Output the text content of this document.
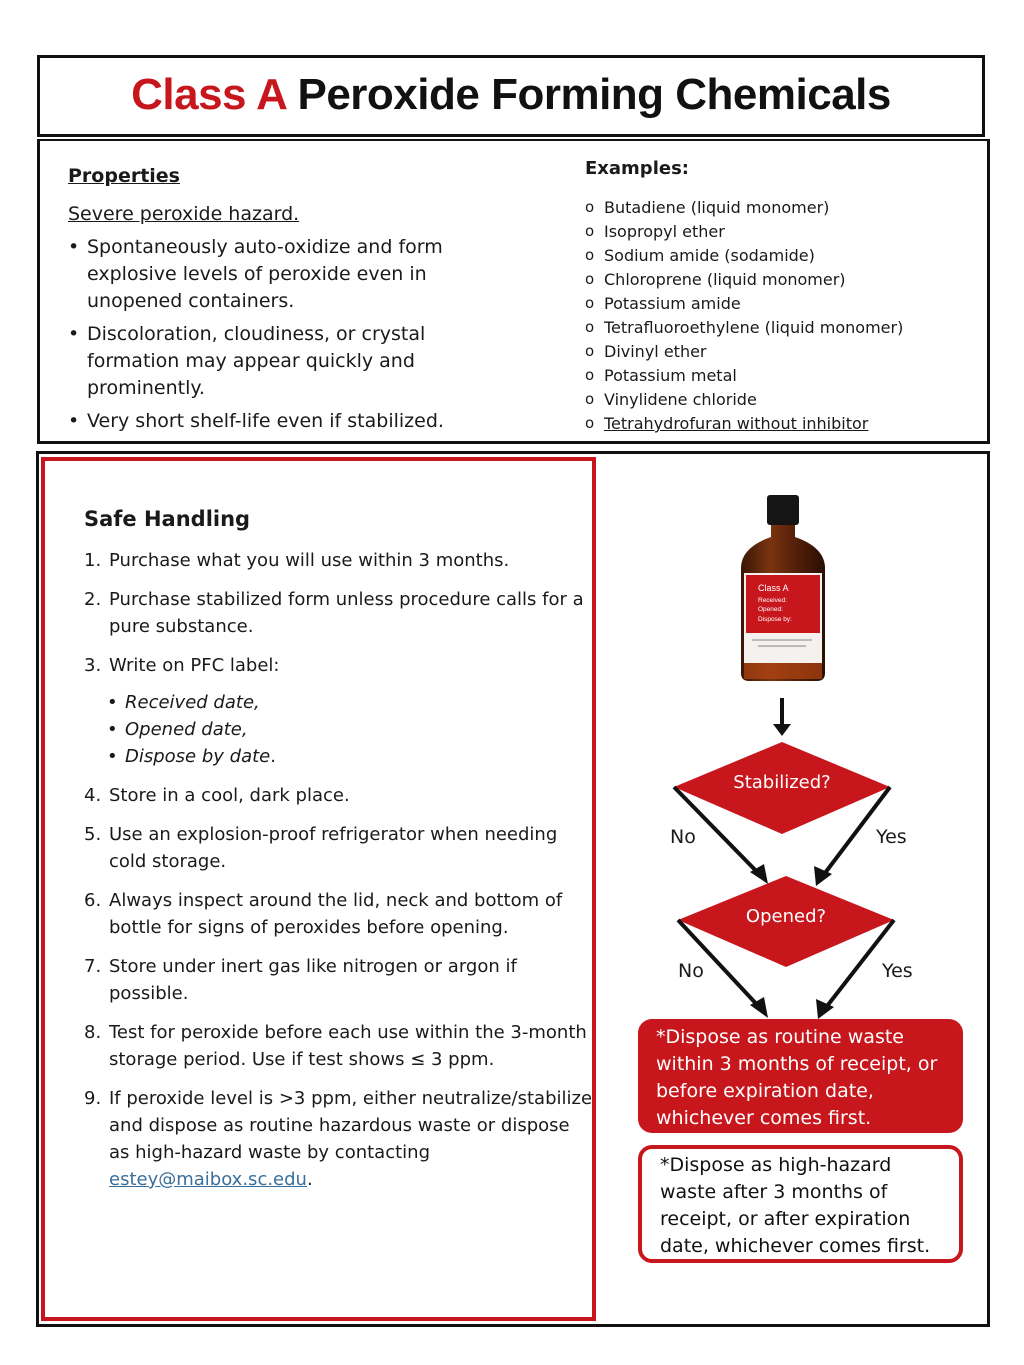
Class A Peroxide Forming Chemicals
Properties
Severe peroxide hazard.
• Spontaneously auto-oxidize and form explosive levels of peroxide even in unopened containers.
• Discoloration, cloudiness, or crystal formation may appear quickly and prominently.
• Very short shelf-life even if stabilized.
Examples:
o Butadiene (liquid monomer)
o Isopropyl ether
o Sodium amide (sodamide)
o Chloroprene (liquid monomer)
o Potassium amide
o Tetrafluoroethylene (liquid monomer)
o Divinyl ether
o Potassium metal
o Vinylidene chloride
o Tetrahydrofuran without inhibitor
Safe Handling
1. Purchase what you will use within 3 months.
2. Purchase stabilized form unless procedure calls for a pure substance.
3. Write on PFC label:
• Received date,
• Opened date,
• Dispose by date.
4. Store in a cool, dark place.
5. Use an explosion-proof refrigerator when needing cold storage.
6. Always inspect around the lid, neck and bottom of bottle for signs of peroxides before opening.
7. Store under inert gas like nitrogen or argon if possible.
8. Test for peroxide before each use within the 3-month storage period. Use if test shows ≤ 3 ppm.
9. If peroxide level is >3 ppm, either neutralize/stabilize and dispose as routine hazardous waste or dispose as high-hazard waste by contacting estey@maibox.sc.edu.
Class A
Received:
Opened:
Dispose by:
Stabilized?
No	Yes
Opened?
No	Yes
*Dispose as routine waste within 3 months of receipt, or before expiration date, whichever comes first.
*Dispose as high-hazard waste after 3 months of receipt, or after expiration date, whichever comes first.
